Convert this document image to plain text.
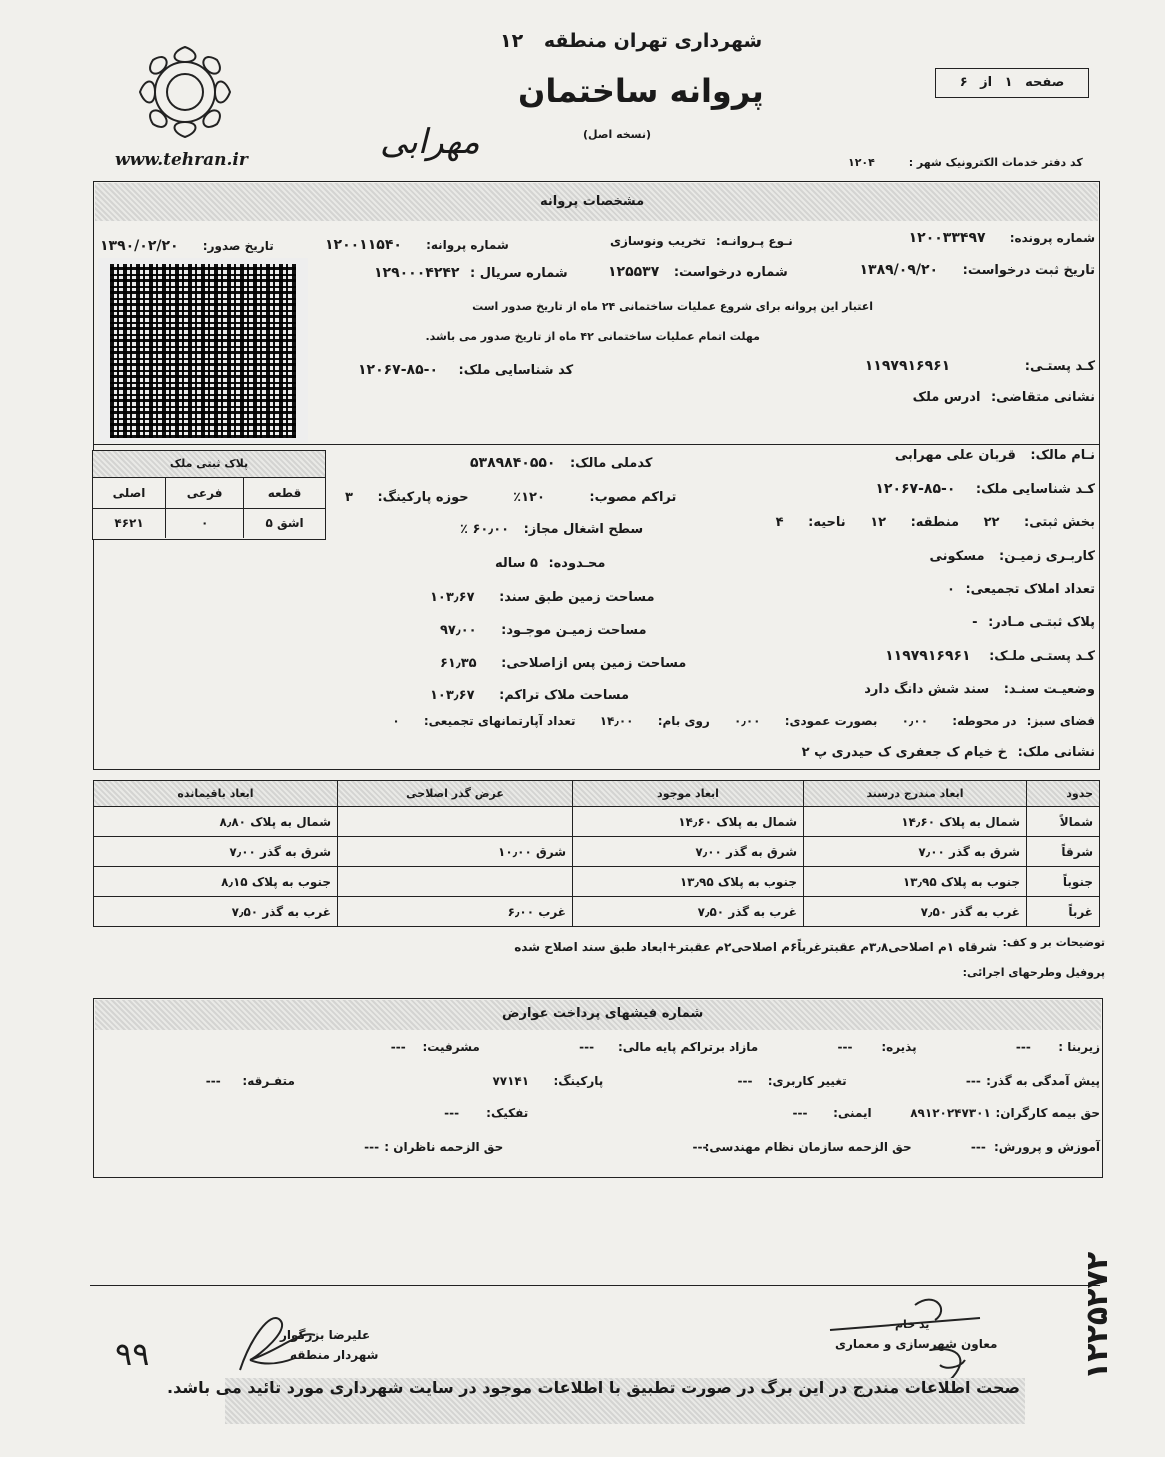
شهرداری تهران منطقه ۱۲
پروانه ساختمان
(نسخه اصل)
www.tehran.ir	مهرابی
صفحه ۱ از ۶
کد دفتر خدمات الکترونیک شهر : ۱۲۰۴
مشخصات پروانه
شماره پرونده: ۱۲۰۰۳۳۴۹۷
نـوع پـروانـه: تخریب ونوسازی
شماره پروانه: ۱۲۰۰۱۱۵۴۰
تاریخ صدور: ۱۳۹۰/۰۲/۲۰
تاریخ ثبت درخواست: ۱۳۸۹/۰۹/۲۰
شماره درخواست: ۱۲۵۵۳۷
شماره سریال : ۱۲۹۰۰۰۴۲۴۲
اعتبار این پروانه برای شروع عملیات ساختمانی ۲۴ ماه از تاریخ صدور است
مهلت اتمام عملیات ساختمانی ۴۲ ماه از تاریخ صدور می باشد.
کـد پستـی: ۱۱۹۷۹۱۶۹۶۱
کد شناسایی ملک: ۰-۸۵-۱۲۰۶۷
نشانی متقاضی: ادرس ملک
پلاک ثبتی ملک
قطعه	فرعی	اصلی
اشق ۵	۰	۴۶۲۱
نـام مالک: قربان علی مهرابی
کـد شناسایی ملک: ۰-۸۵-۱۲۰۶۷
بخش ثبتی: ۲۲ منطقه: ۱۲ ناحیه: ۴
کاربـری زمیـن: مسکونی
تعداد املاک تجمیعی: ۰
پلاک ثبتـی مـادر: -
کـد پستـی ملـک: ۱۱۹۷۹۱۶۹۶۱
وضعیـت سنـد: سند شش دانگ دارد
فضای سبز: در محوطه: ۰٫۰۰ بصورت عمودی: ۰٫۰۰ روی بام: ۱۴٫۰۰ تعداد آپارتمانهای تجمیعی: ۰
نشانی ملک: خ خیام ک جعفری ک حیدری پ ۲
کدملی مالک: ۵۳۸۹۸۴۰۵۵۰
تراکم مصوب: ۱۲۰٪ حوزه پارکینگ: ۳
سطح اشغال مجاز: ۶۰٫۰۰ ٪
محـدوده: ۵ ساله
مساحت زمین طبق سند: ۱۰۳٫۶۷
مساحت زمیـن موجـود: ۹۷٫۰۰
مساحت زمین پس ازاصلاحی: ۶۱٫۳۵
مساحت ملاک تراکم: ۱۰۳٫۶۷
حدود	ابعاد مندرج درسند	ابعاد موجود	عرض گذر اصلاحی	ابعاد باقیمانده
شمالاً	شمال به پلاک ۱۴٫۶۰	شمال به پلاک ۱۴٫۶۰		شمال به پلاک ۸٫۸۰
شرقاً	شرق به گذر ۷٫۰۰	شرق به گذر ۷٫۰۰	شرق ۱۰٫۰۰	شرق به گذر ۷٫۰۰
جنوباً	جنوب به پلاک ۱۳٫۹۵	جنوب به پلاک ۱۳٫۹۵		جنوب به پلاک ۸٫۱۵
غرباً	غرب به گذر ۷٫۵۰	غرب به گذر ۷٫۵۰	غرب ۶٫۰۰	غرب به گذر ۷٫۵۰
توضیحات بر و کف:
شرقاه ۱م اصلاحی۳٫۸م عقبترغرباً۶م اصلاحی۲م عقبتر+ابعاد طبق سند اصلاح شده
پروفیل وطرحهای اجرائی:
شماره فیشهای پرداخت عوارض
زیربنا : --- پذیره: --- مازاد برتراکم پایه مالی: --- مشرفیت: ---
پیش آمدگی به گذر: --- تغییر کاربری: --- پارکینگ: ۷۷۱۴۱ متفـرقه: ---
حق بیمه کارگران: ۸۹۱۲۰۲۴۷۳۰۱ ایمنی: --- تفکیک: ---
آموزش و پرورش: --- حق الزحمه سازمان نظام مهندسی: --- حق الزحمه ناظران : ---
علیرضا بزرگوار
شهردار منطقه
ید خام
معاون شهرسازی و معماری
۹۹
صحت اطلاعات مندرج در این برگ در صورت تطبیق با اطلاعات موجود در سایت شهرداری مورد تائید می باشد.
۱۲۲۵۲۷۲
